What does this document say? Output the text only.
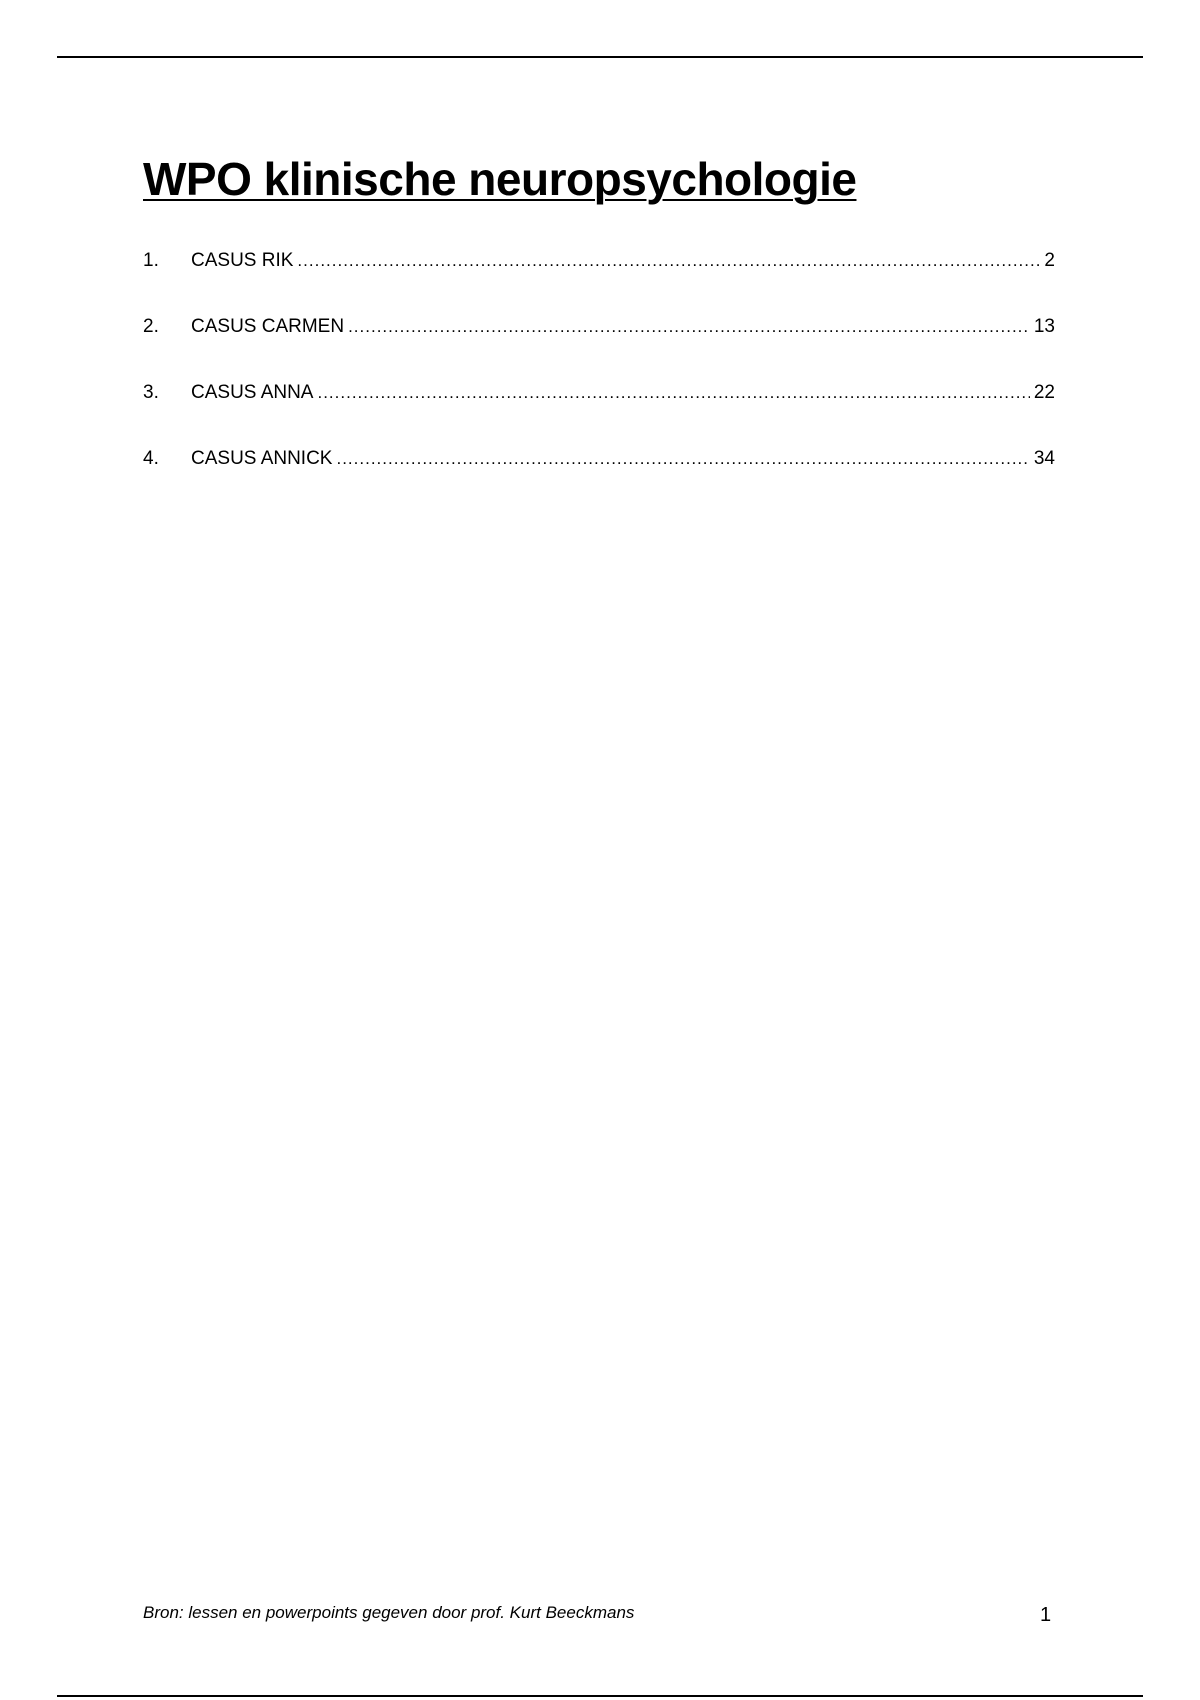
WPO klinische neuropsychologie
1.	CASUS RIK .....	2
2.	CASUS CARMEN .....	13
3.	CASUS ANNA .....	22
4.	CASUS ANNICK .....	34
Bron: lessen en powerpoints gegeven door prof. Kurt Beeckmans	1
